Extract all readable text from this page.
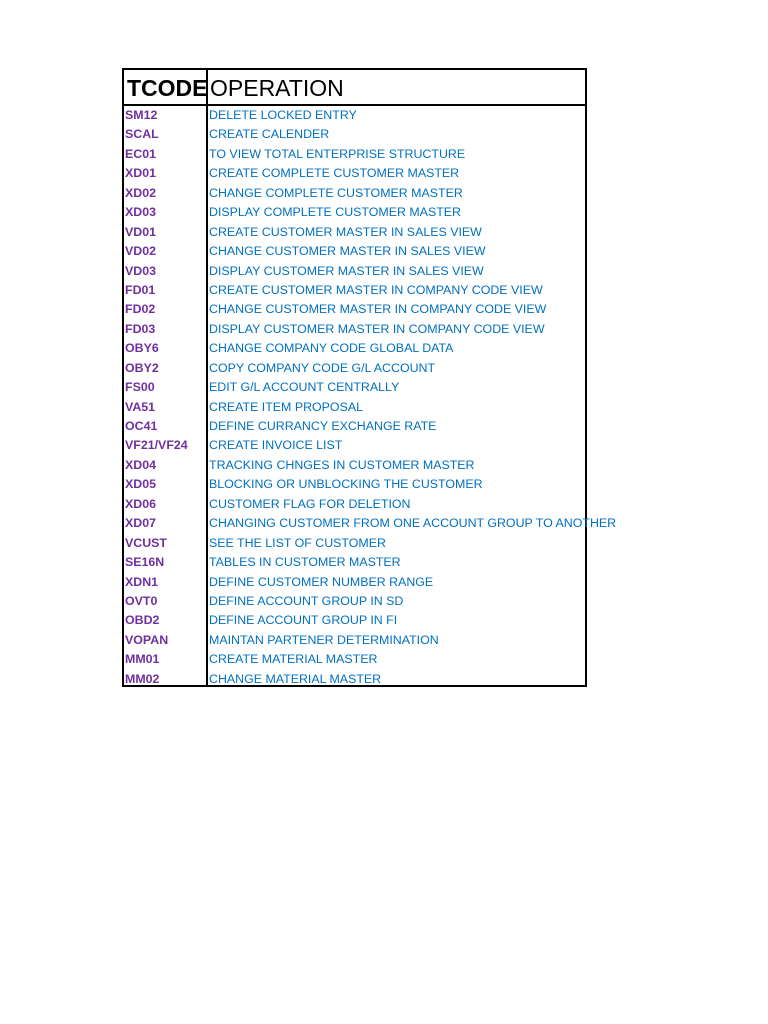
TCODE OPERATION
SM12	DELETE LOCKED ENTRY
SCAL	CREATE CALENDER
EC01	TO VIEW TOTAL ENTERPRISE STRUCTURE
XD01	CREATE COMPLETE CUSTOMER MASTER
XD02	CHANGE COMPLETE CUSTOMER MASTER
XD03	DISPLAY COMPLETE CUSTOMER MASTER
VD01	CREATE CUSTOMER MASTER IN SALES VIEW
VD02	CHANGE CUSTOMER MASTER IN SALES VIEW
VD03	DISPLAY CUSTOMER MASTER IN SALES VIEW
FD01	CREATE CUSTOMER MASTER IN COMPANY CODE VIEW
FD02	CHANGE CUSTOMER MASTER IN COMPANY CODE VIEW
FD03	DISPLAY CUSTOMER MASTER IN COMPANY CODE VIEW
OBY6	CHANGE COMPANY CODE GLOBAL DATA
OBY2	COPY COMPANY CODE G/L ACCOUNT
FS00	EDIT G/L ACCOUNT CENTRALLY
VA51	CREATE ITEM PROPOSAL
OC41	DEFINE CURRANCY EXCHANGE RATE
VF21/VF24 CREATE INVOICE LIST
XD04	TRACKING CHNGES IN CUSTOMER MASTER
XD05	BLOCKING OR UNBLOCKING THE CUSTOMER
XD06	CUSTOMER FLAG FOR DELETION
XD07	CHANGING CUSTOMER FROM ONE ACCOUNT GROUP TO ANOTHER
VCUST	SEE THE LIST OF CUSTOMER
SE16N	TABLES IN CUSTOMER MASTER
XDN1	DEFINE CUSTOMER NUMBER RANGE
OVT0	DEFINE ACCOUNT GROUP IN SD
OBD2	DEFINE ACCOUNT GROUP IN FI
VOPAN	MAINTAN PARTENER DETERMINATION
MM01	CREATE MATERIAL MASTER
MM02	CHANGE MATERIAL MASTER
